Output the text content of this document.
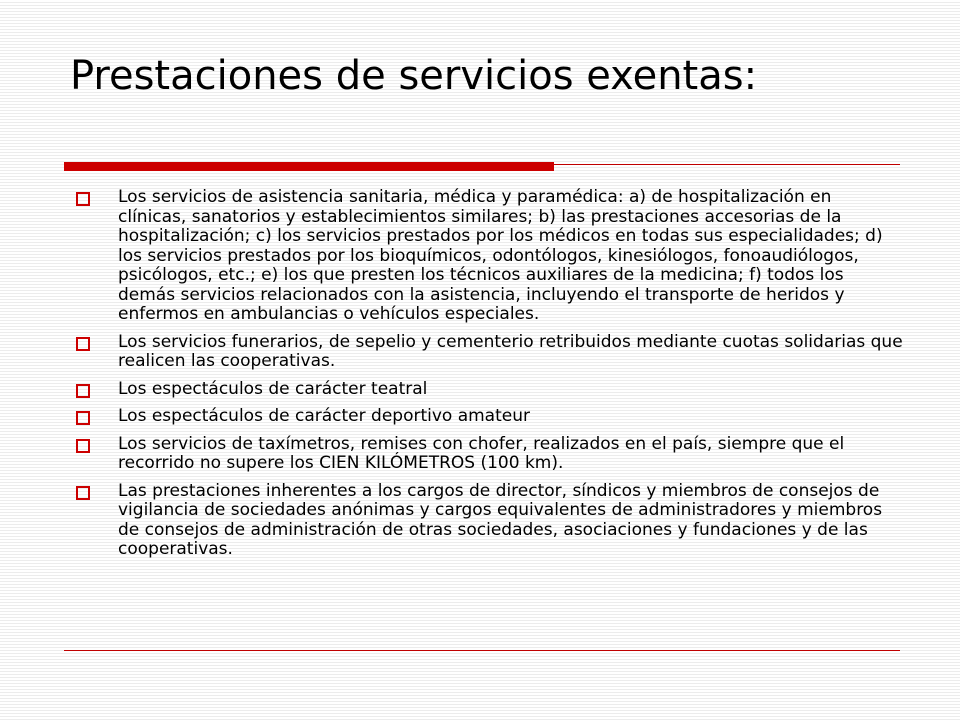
Prestaciones de servicios exentas:
Los servicios de asistencia sanitaria, médica y paramédica: a) de hospitalización en clínicas, sanatorios y establecimientos similares; b) las prestaciones accesorias de la hospitalización; c) los servicios prestados por los médicos en todas sus especialidades; d) los servicios prestados por los bioquímicos, odontólogos, kinesiólogos, fonoaudiólogos, psicólogos, etc.; e) los que presten los técnicos auxiliares de la medicina; f) todos los demás servicios relacionados con la asistencia, incluyendo el transporte de heridos y enfermos en ambulancias o vehículos especiales.
Los servicios funerarios, de sepelio y cementerio retribuidos mediante cuotas solidarias que realicen las cooperativas.
Los espectáculos de carácter teatral
Los espectáculos de carácter deportivo amateur
Los servicios de taxímetros, remises con chofer, realizados en el país, siempre que el recorrido no supere los CIEN KILÓMETROS (100 km).
Las prestaciones inherentes a los cargos de director, síndicos y miembros de consejos de vigilancia de sociedades anónimas y cargos equivalentes de administradores y miembros de consejos de administración de otras sociedades, asociaciones y fundaciones y de las cooperativas.
